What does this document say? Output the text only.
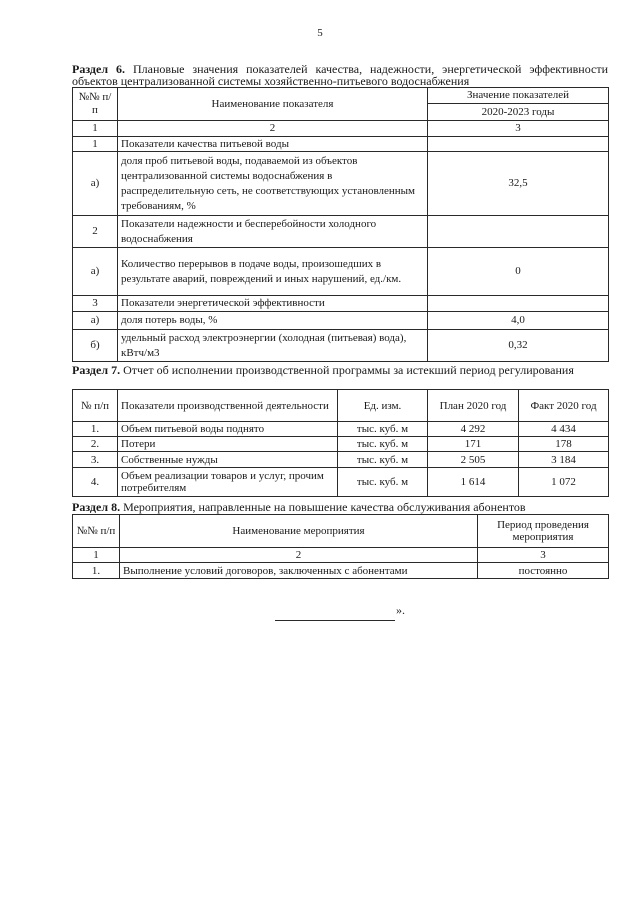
5
Раздел 6. Плановые значения показателей качества, надежности, энергетической эффективности объектов централизованной системы хозяйственно-питьевого водоснабжения
№№ п/п	Наименование показателя	Значение показателей
		2020-2023 годы
1	2	3
1	Показатели качества питьевой воды	
а)	доля проб питьевой воды, подаваемой из объектов централизованной системы водоснабжения в распределительную сеть, не соответствующих установленным требованиям, %	32,5
2	Показатели надежности и бесперебойности холодного водоснабжения	
а)	Количество перерывов в подаче воды, произошедших в результате аварий, повреждений и иных нарушений, ед./км.	0
3	Показатели энергетической эффективности	
а)	доля потерь воды, %	4,0
б)	удельный расход электроэнергии (холодная (питьевая) вода), кВтч/м3	0,32
Раздел 7. Отчет об исполнении производственной программы за истекший период регулирования
№ п/п	Показатели производственной деятельности	Ед. изм.	План 2020 год	Факт 2020 год
1.	Объем питьевой воды поднято	тыс. куб. м	4 292	4 434
2.	Потери	тыс. куб. м	171	178
3.	Собственные нужды	тыс. куб. м	2 505	3 184
4.	Объем реализации товаров и услуг, прочим потребителям	тыс. куб. м	1 614	1 072
Раздел 8. Мероприятия, направленные на повышение качества обслуживания абонентов
№№ п/п	Наименование мероприятия	Период проведения мероприятия
1	2	3
1.	Выполнение условий договоров, заключенных с абонентами	постоянно
».
